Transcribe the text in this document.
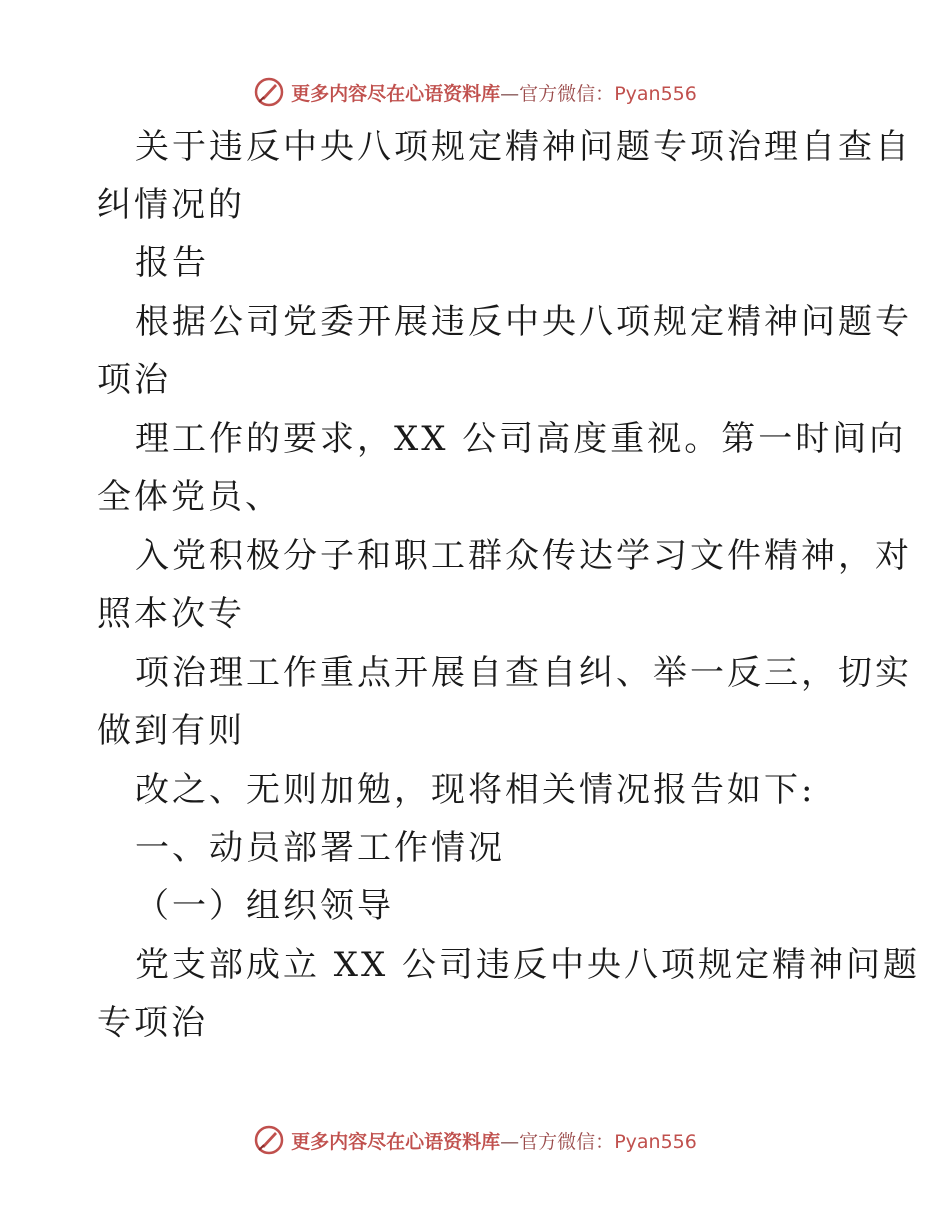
更多内容尽在心语资料库—官方微信：Pyan556
关于违反中央八项规定精神问题专项治理自查自
纠情况的
报告
根据公司党委开展违反中央八项规定精神问题专
项治
理工作的要求，XX 公司高度重视。第一时间向
全体党员、
入党积极分子和职工群众传达学习文件精神，对
照本次专
项治理工作重点开展自查自纠、举一反三，切实
做到有则
改之、无则加勉，现将相关情况报告如下:
一、动员部署工作情况
（一）组织领导
党支部成立 XX 公司违反中央八项规定精神问题
专项治
更多内容尽在心语资料库—官方微信：Pyan556
